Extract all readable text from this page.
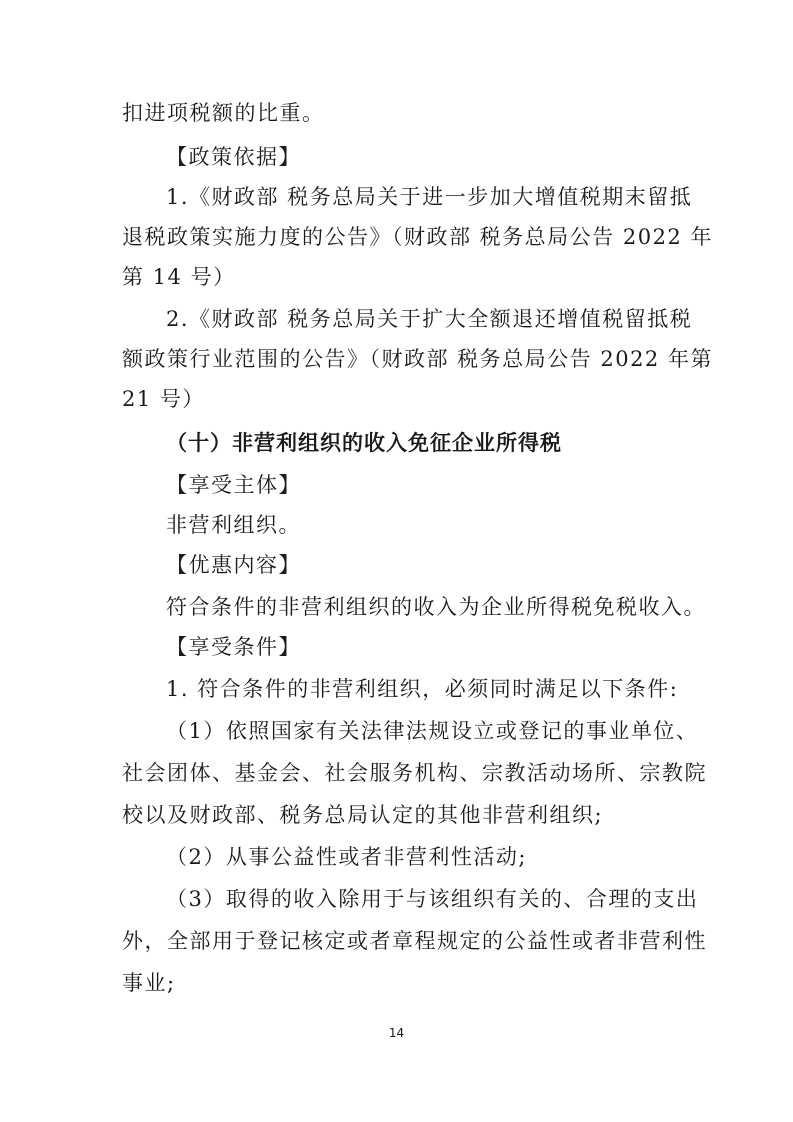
扣进项税额的比重。
【政策依据】
1.《财政部 税务总局关于进一步加大增值税期末留抵
退税政策实施力度的公告》（财政部 税务总局公告 2022 年
第 14 号）
2.《财政部 税务总局关于扩大全额退还增值税留抵税
额政策行业范围的公告》（财政部 税务总局公告 2022 年第
21 号）
（十）非营利组织的收入免征企业所得税
【享受主体】
非营利组织。
【优惠内容】
符合条件的非营利组织的收入为企业所得税免税收入。
【享受条件】
1. 符合条件的非营利组织，必须同时满足以下条件:
（1）依照国家有关法律法规设立或登记的事业单位、
社会团体、基金会、社会服务机构、宗教活动场所、宗教院
校以及财政部、税务总局认定的其他非营利组织;
（2）从事公益性或者非营利性活动;
（3）取得的收入除用于与该组织有关的、合理的支出
外，全部用于登记核定或者章程规定的公益性或者非营利性
事业;
14
